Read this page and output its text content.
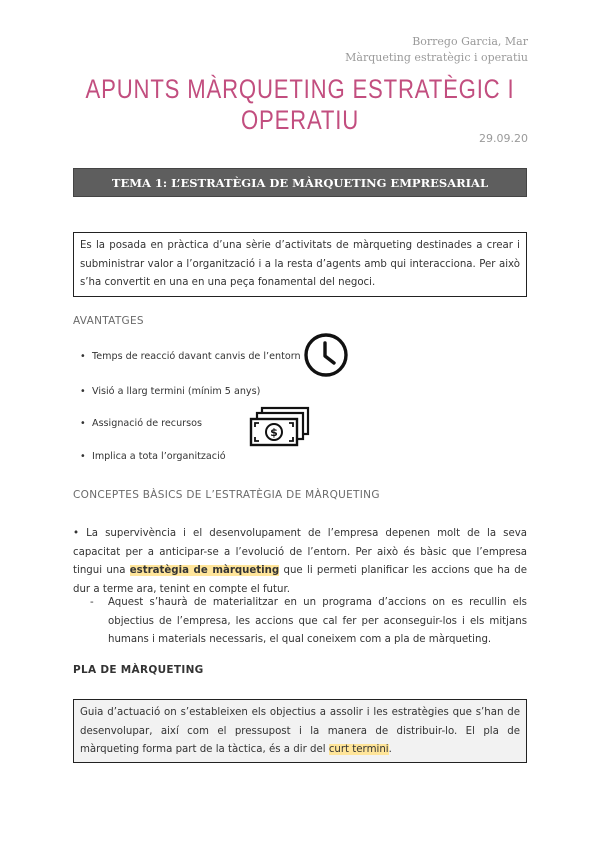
Borrego Garcia, Mar
Màrqueting estratègic i operatiu
APUNTS MÀRQUETING ESTRATÈGIC I OPERATIU
29.09.20
TEMA 1: L’ESTRATÈGIA DE MÀRQUETING EMPRESARIAL
Es la posada en pràctica d’una sèrie d’activitats de màrqueting destinades a crear i subministrar valor a l’organització i a la resta d’agents amb qui interacciona. Per això s’ha convertit en una en una peça fonamental del negoci.
AVANTATGES
• Temps de reacció davant canvis de l’entorn
• Visió a llarg termini (mínim 5 anys)
• Assignació de recursos
• Implica a tota l’organització
$
CONCEPTES BÀSICS DE L’ESTRATÈGIA DE MÀRQUETING
• La supervivència i el desenvolupament de l’empresa depenen molt de la seva capacitat per a anticipar-se a l’evolució de l’entorn. Per això és bàsic que l’empresa tingui una estratègia de màrqueting que li permeti planificar les accions que ha de dur a terme ara, tenint en compte el futur.
- Aquest s’haurà de materialitzar en un programa d’accions on es recullin els objectius de l’empresa, les accions que cal fer per aconseguir-los i els mitjans humans i materials necessaris, el qual coneixem com a pla de màrqueting.
PLA DE MÀRQUETING
Guia d’actuació on s’estableixen els objectius a assolir i les estratègies que s’han de desenvolupar, així com el pressupost i la manera de distribuir-lo. El pla de màrqueting forma part de la tàctica, és a dir del curt termini.
